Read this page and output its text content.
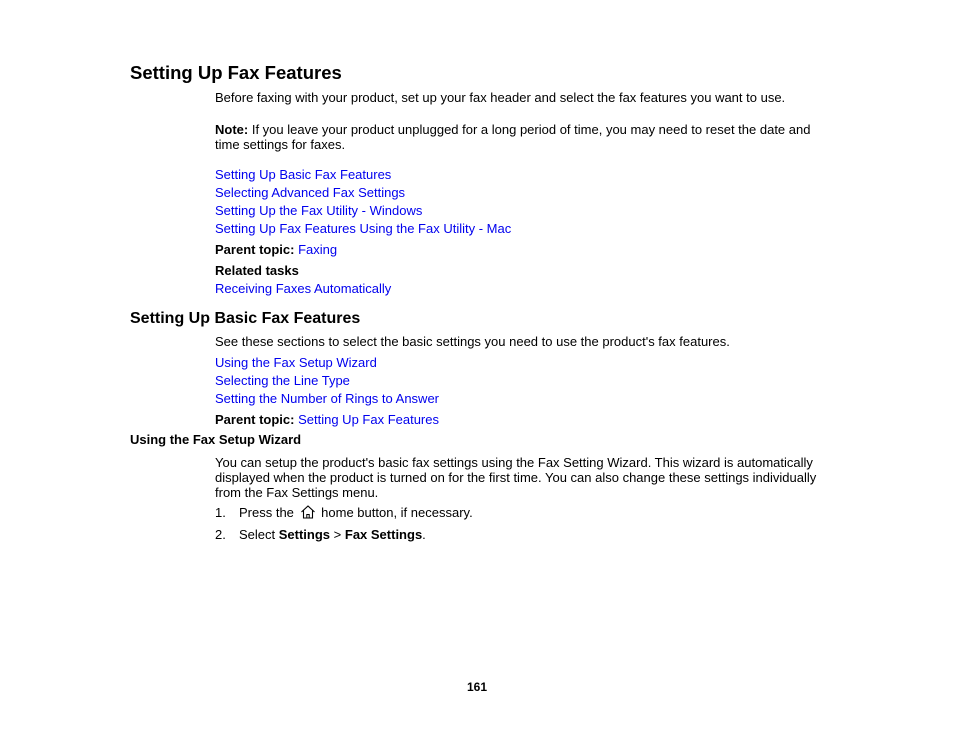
Setting Up Fax Features
Before faxing with your product, set up your fax header and select the fax features you want to use.
Note: If you leave your product unplugged for a long period of time, you may need to reset the date and time settings for faxes.
Setting Up Basic Fax Features
Selecting Advanced Fax Settings
Setting Up the Fax Utility - Windows
Setting Up Fax Features Using the Fax Utility - Mac
Parent topic: Faxing
Related tasks
Receiving Faxes Automatically
Setting Up Basic Fax Features
See these sections to select the basic settings you need to use the product's fax features.
Using the Fax Setup Wizard
Selecting the Line Type
Setting the Number of Rings to Answer
Parent topic: Setting Up Fax Features
Using the Fax Setup Wizard
You can setup the product's basic fax settings using the Fax Setting Wizard. This wizard is automatically displayed when the product is turned on for the first time. You can also change these settings individually from the Fax Settings menu.
1. Press the home button, if necessary.
2. Select Settings > Fax Settings.
161
